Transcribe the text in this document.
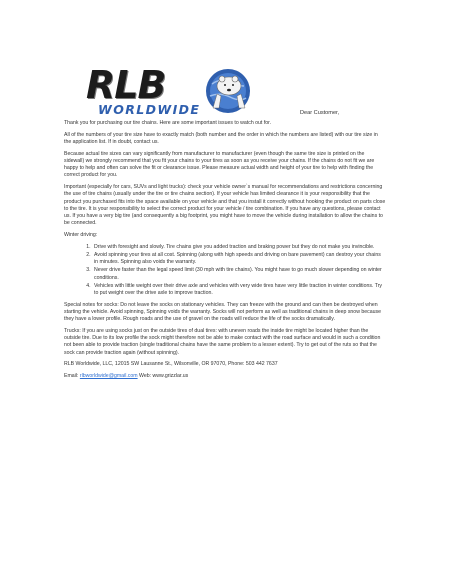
RLB
WORLDWIDE	Dear Customer,

Thank you for purchasing our tire chains. Here are some important issues to watch out for.

All of the numbers of your tire size have to exactly match (both number and the order in which the numbers are listed) with our tire size in the application list. If in doubt, contact us.

Because actual tire sizes can vary significantly from manufacturer to manufacturer (even though the same tire size is printed on the sidewall) we strongly recommend that you fit your chains to your tires as soon as you receive your chains. If the chains do not fit we are happy to help and often can solve the fit or clearance issue. Please measure actual width and height of your tire to help with finding the correct product for you.

Important (especially for cars, SUVs and light trucks): check your vehicle owner`s manual for recommendations and restrictions concerning the use of tire chains (usually under the tire or tire chains section). If your vehicle has limited clearance it is your responsibility that the product you purchased fits into the space available on your vehicle and that you install it correctly without hooking the product on parts close to the tire. It is your responsibility to select the correct product for your vehicle / tire combination. If you have any questions, please contact us. If you have a very big tire (and consequently a big footprint, you might have to move the vehicle during installation to allow the chains to be connected.

Winter driving:

1. Drive with foresight and slowly. Tire chains give you added traction and braking power but they do not make you invincible.
2. Avoid spinning your tires at all cost. Spinning (along with high speeds and driving on bare pavement) can destroy your chains in minutes. Spinning also voids the warranty.
3. Never drive faster than the legal speed limit (30 mph with tire chains). You might have to go much slower depending on winter conditions.
4. Vehicles with little weight over their drive axle and vehicles with very wide tires have very little traction in winter conditions. Try to put weight over the drive axle to improve traction.

Special notes for socks: Do not leave the socks on stationary vehicles. They can freeze with the ground and can then be destroyed when starting the vehicle. Avoid spinning, Spinning voids the warranty. Socks will not perform as well as traditional chains in deep snow because they have a lower profile. Rough roads and the use of gravel on the roads will reduce the life of the socks dramatically.

Trucks: If you are using socks just on the outside tires of dual tires: with uneven roads the inside tire might be located higher than the outside tire. Due to its low profile the sock might therefore not be able to make contact with the road surface and would in such a condition not been able to provide traction (single traditional chains have the same problem to a lesser extent). Try to get out of the ruts so that the sock can provide traction again (without spinning).

RLB Worldwide, LLC, 12015 SW Lausanne St., Wilsonville, OR 97070, Phone: 503 442 7637

Email: rlbworldwide@gmail.com Web: www.grizzlar.us
